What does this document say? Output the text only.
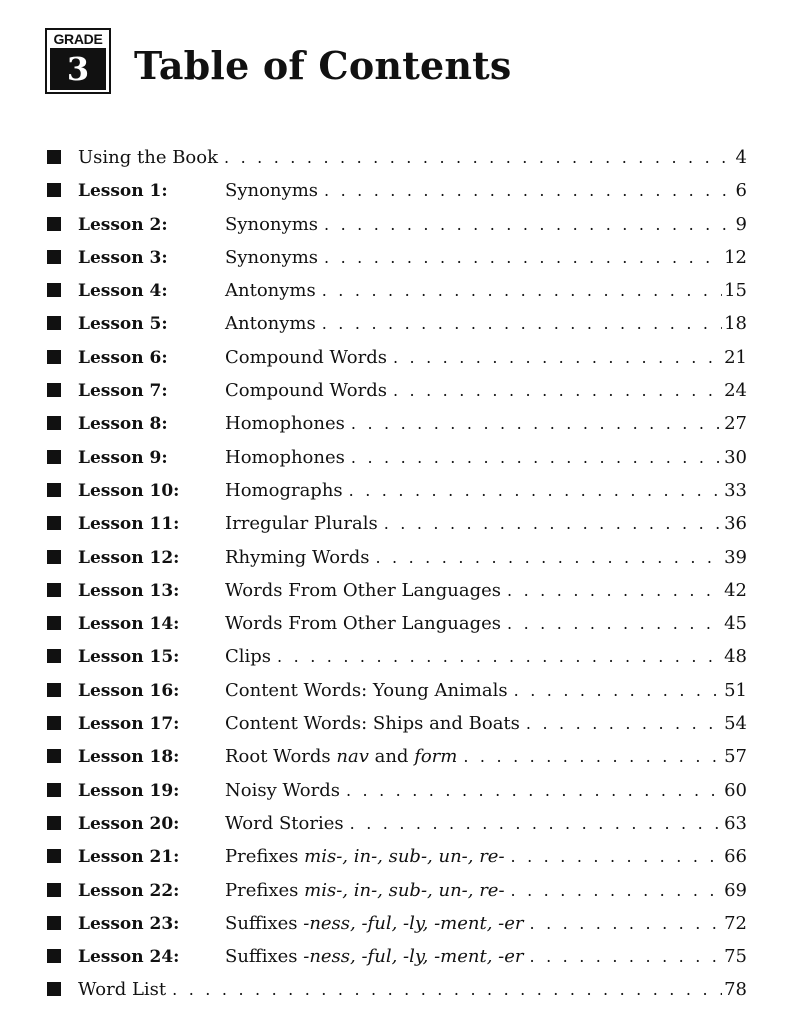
GRADE
3	Table of Contents
Using the Book . . .	4
Lesson 1:	Synonyms . . .	6
Lesson 2:	Synonyms . . .	9
Lesson 3:	Synonyms . . .	12
Lesson 4:	Antonyms . . .	15
Lesson 5:	Antonyms . . .	18
Lesson 6:	Compound Words . . .	21
Lesson 7:	Compound Words . . .	24
Lesson 8:	Homophones . . .	27
Lesson 9:	Homophones . . .	30
Lesson 10:	Homographs . . .	33
Lesson 11:	Irregular Plurals . . .	36
Lesson 12:	Rhyming Words . . .	39
Lesson 13:	Words From Other Languages . . .	42
Lesson 14:	Words From Other Languages . . .	45
Lesson 15:	Clips . . .	48
Lesson 16:	Content Words: Young Animals . . .	51
Lesson 17:	Content Words: Ships and Boats . . .	54
Lesson 18:	Root Words nav and form . . .	57
Lesson 19:	Noisy Words . . .	60
Lesson 20:	Word Stories . . .	63
Lesson 21:	Prefixes mis-, in-, sub-, un-, re- . . .	66
Lesson 22:	Prefixes mis-, in-, sub-, un-, re- . . .	69
Lesson 23:	Suffixes -ness, -ful, -ly, -ment, -er . . .	72
Lesson 24:	Suffixes -ness, -ful, -ly, -ment, -er . . .	75
Word List . . .	78
